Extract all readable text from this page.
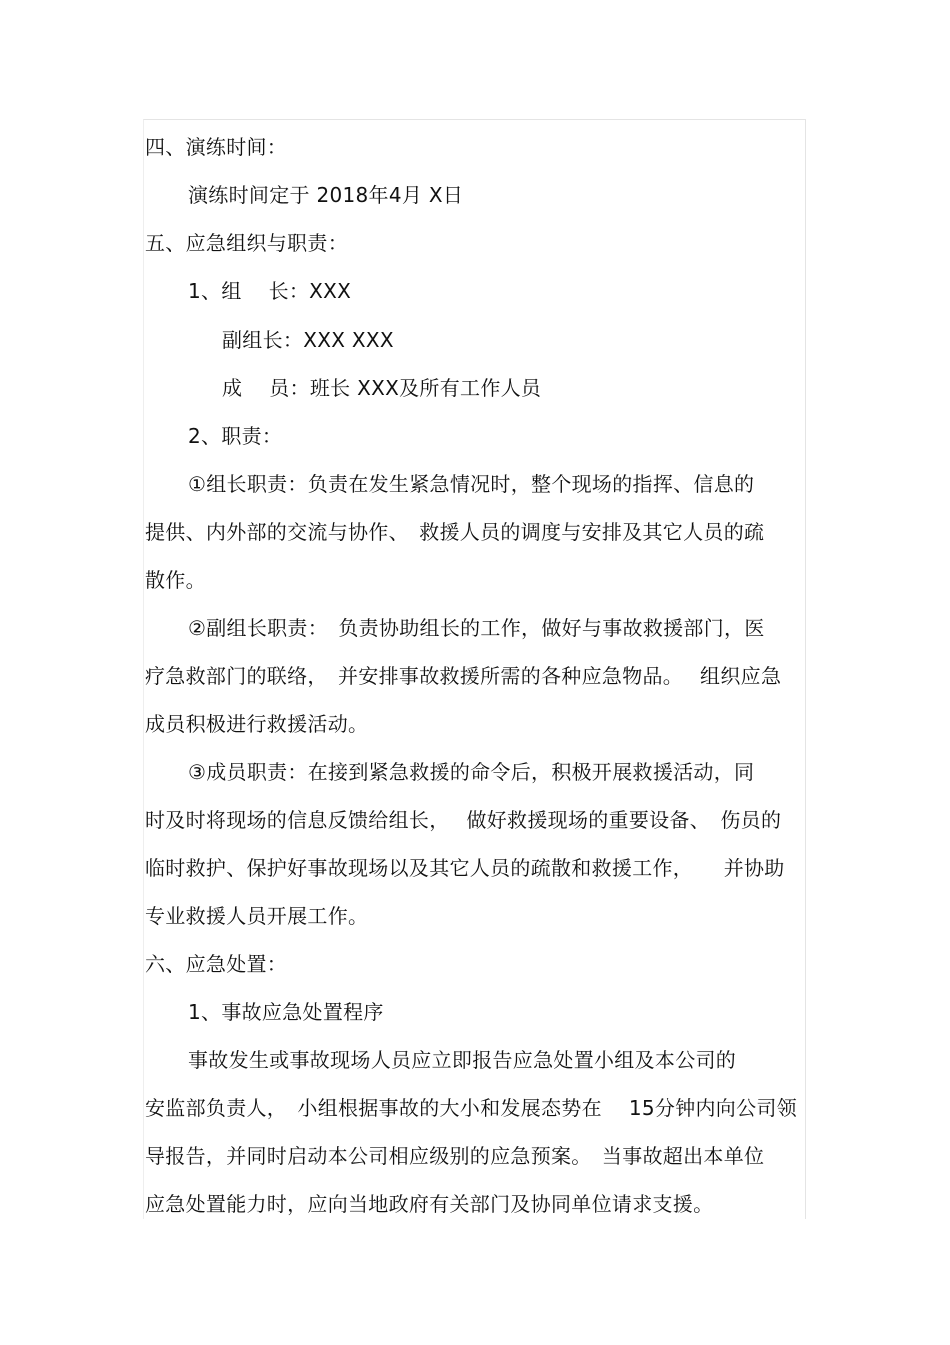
四、演练时间：
演练时间定于 2018年4月 X日
五、应急组织与职责：
1、组　 长：XXX
副组长：XXX XXX
成　 员：班长 XXX及所有工作人员
2、职责：
①组长职责：负责在发生紧急情况时，整个现场的指挥、信息的
提供、内外部的交流与协作、　救援人员的调度与安排及其它人员的疏
散作。
②副组长职责：　负责协助组长的工作，做好与事故救援部门，医
疗急救部门的联络，　并安排事故救援所需的各种应急物品。　 组织应急
成员积极进行救援活动。
③成员职责：在接到紧急救援的命令后，积极开展救援活动，同
时及时将现场的信息反馈给组长，　 做好救援现场的重要设备、　伤员的
临时救护、保护好事故现场以及其它人员的疏散和救援工作，　　并协助
专业救援人员开展工作。
六、应急处置：
1、事故应急处置程序
事故发生或事故现场人员应立即报告应急处置小组及本公司的
安监部负责人，　小组根据事故的大小和发展态势在　 15分钟内向公司领
导报告，并同时启动本公司相应级别的应急预案。　当事故超出本单位
应急处置能力时，应向当地政府有关部门及协同单位请求支援。
